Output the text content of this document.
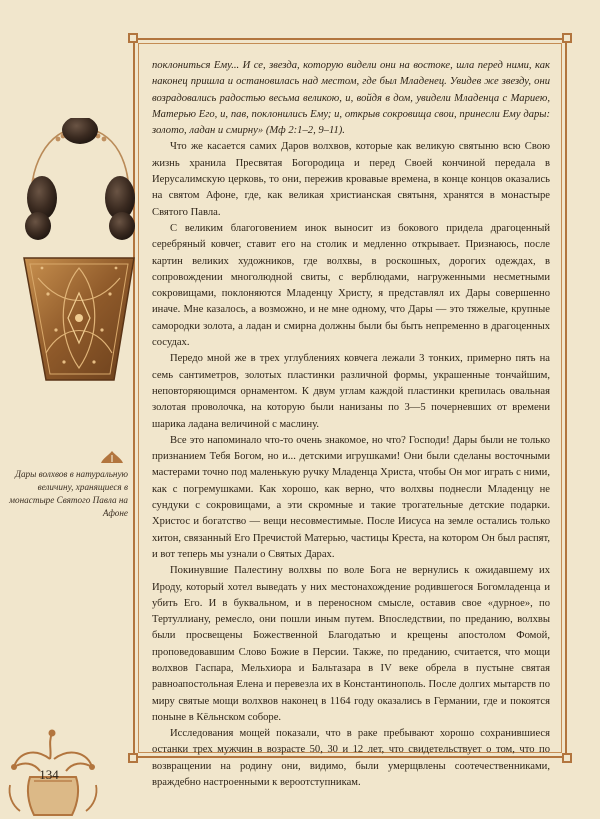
Дары волхвов в натуральную величину, хранящиеся в монастыре Святого Павла на Афоне

поклониться Ему... И се, звезда, которую видели они на востоке, шла перед ними, как наконец пришла и остановилась над местом, где был Младенец. Увидев же звезду, они возрадовались радостью весьма великою, и, войдя в дом, увидели Младенца с Мариею, Матерью Его, и, пав, поклонились Ему; и, открыв сокровища свои, принесли Ему дары: золото, ладан и смирну» (Мф 2:1–2, 9–11).

Что же касается самих Даров волхвов, которые как великую святыню всю Свою жизнь хранила Пресвятая Богородица и перед Своей кончиной передала в Иерусалимскую церковь, то они, пережив кровавые времена, в конце концов оказались на святом Афоне, где, как великая христианская святыня, хранятся в монастыре Святого Павла.

С великим благоговением инок выносит из бокового придела драгоценный серебряный ковчег, ставит его на столик и медленно открывает. Признаюсь, после картин великих художников, где волхвы, в роскошных, дорогих одеждах, в сопровождении многолюдной свиты, с верблюдами, нагруженными несметными сокровищами, поклоняются Младенцу Христу, я представлял их Дары совершенно иначе. Мне казалось, а возможно, и не мне одному, что Дары — это тяжелые, крупные самородки золота, а ладан и смирна должны были бы быть непременно в драгоценных сосудах.

Передо мной же в трех углублениях ковчега лежали 3 тонких, примерно пять на семь сантиметров, золотых пластинки различной формы, украшенные тончайшим, неповторяющимся орнаментом. К двум углам каждой пластинки крепилась овальная золотая проволочка, на которую были нанизаны по 3—5 почерневших от времени шарика ладана величиной с маслину.

Все это напоминало что-то очень знакомое, но что? Господи! Дары были не только признанием Тебя Богом, но и... детскими игрушками! Они были сделаны восточными мастерами точно под маленькую ручку Младенца Христа, чтобы Он мог играть с ними, как с погремушками. Как хорошо, как верно, что волхвы поднесли Младенцу не сундуки с сокровищами, а эти скромные и такие трогательные детские подарки. Христос и богатство — вещи несовместимые. После Иисуса на земле остались только хитон, связанный Его Пречистой Матерью, частицы Креста, на котором Он был распят, и вот теперь мы узнали о Святых Дарах.

Покинувшие Палестину волхвы по воле Бога не вернулись к ожидавшему их Ироду, который хотел выведать у них местонахождение родившегося Богомладенца и убить Его. И в буквальном, и в переносном смысле, оставив свое «дурное», по Тертуллиану, ремесло, они пошли иным путем. Впоследствии, по преданию, волхвы были просвещены Божественной Благодатью и крещены апостолом Фомой, проповедовавшим Слово Божие в Персии. Также, по преданию, считается, что мощи волхвов Гаспара, Мельхиора и Бальтазара в IV веке обрела в пустыне святая равноапостольная Елена и перевезла их в Константинополь. После долгих мытарств по миру святые мощи волхвов наконец в 1164 году оказались в Германии, где и покоятся поныне в Кёльнском соборе.

Исследования мощей показали, что в раке пребывают хорошо сохранившиеся останки трех мужчин в возрасте 50, 30 и 12 лет, что свидетельствует о том, что по возвращении на родину они, видимо, были умерщвлены соотечественниками, враждебно настроенными к вероотступникам.

134
